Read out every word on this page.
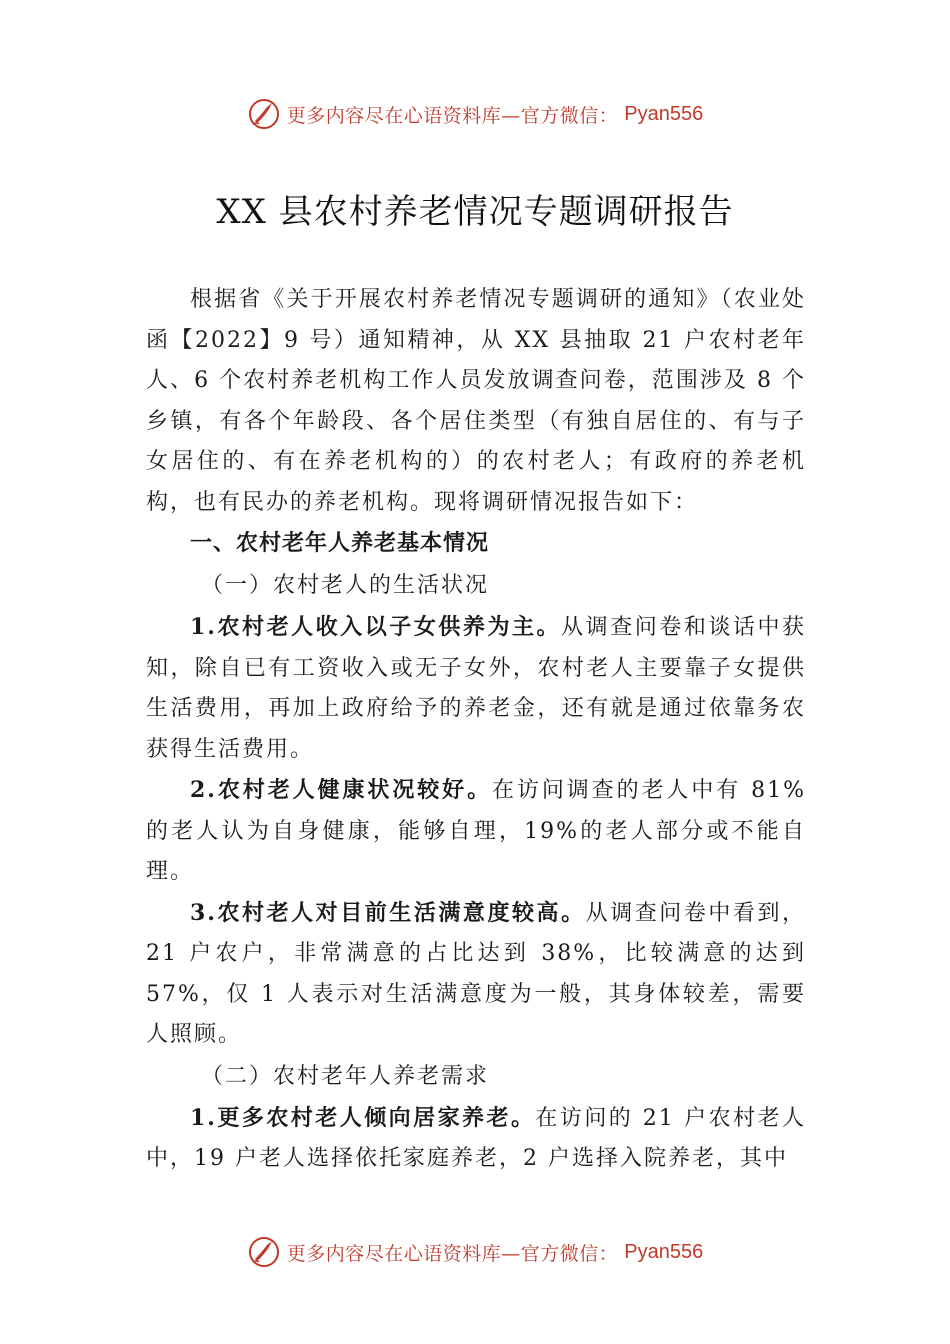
更多内容尽在心语资料库—官方微信： Pyan556
XX 县农村养老情况专题调研报告

根据省《关于开展农村养老情况专题调研的通知》（农业处函【2022】9 号）通知精神，从 XX 县抽取 21 户农村老年人、6 个农村养老机构工作人员发放调查问卷，范围涉及 8 个乡镇，有各个年龄段、各个居住类型（有独自居住的、有与子女居住的、有在养老机构的）的农村老人；有政府的养老机构，也有民办的养老机构。现将调研情况报告如下：

一、农村老年人养老基本情况

（一）农村老人的生活状况

1.农村老人收入以子女供养为主。从调查问卷和谈话中获知，除自已有工资收入或无子女外，农村老人主要靠子女提供生活费用，再加上政府给予的养老金，还有就是通过依靠务农获得生活费用。

2.农村老人健康状况较好。在访问调查的老人中有 81%的老人认为自身健康，能够自理，19%的老人部分或不能自理。

3.农村老人对目前生活满意度较高。从调查问卷中看到，21 户农户，非常满意的占比达到 38%，比较满意的达到 57%，仅 1 人表示对生活满意度为一般，其身体较差，需要人照顾。

（二）农村老年人养老需求

1.更多农村老人倾向居家养老。在访问的 21 户农村老人中，19 户老人选择依托家庭养老，2 户选择入院养老，其中

更多内容尽在心语资料库—官方微信： Pyan556
